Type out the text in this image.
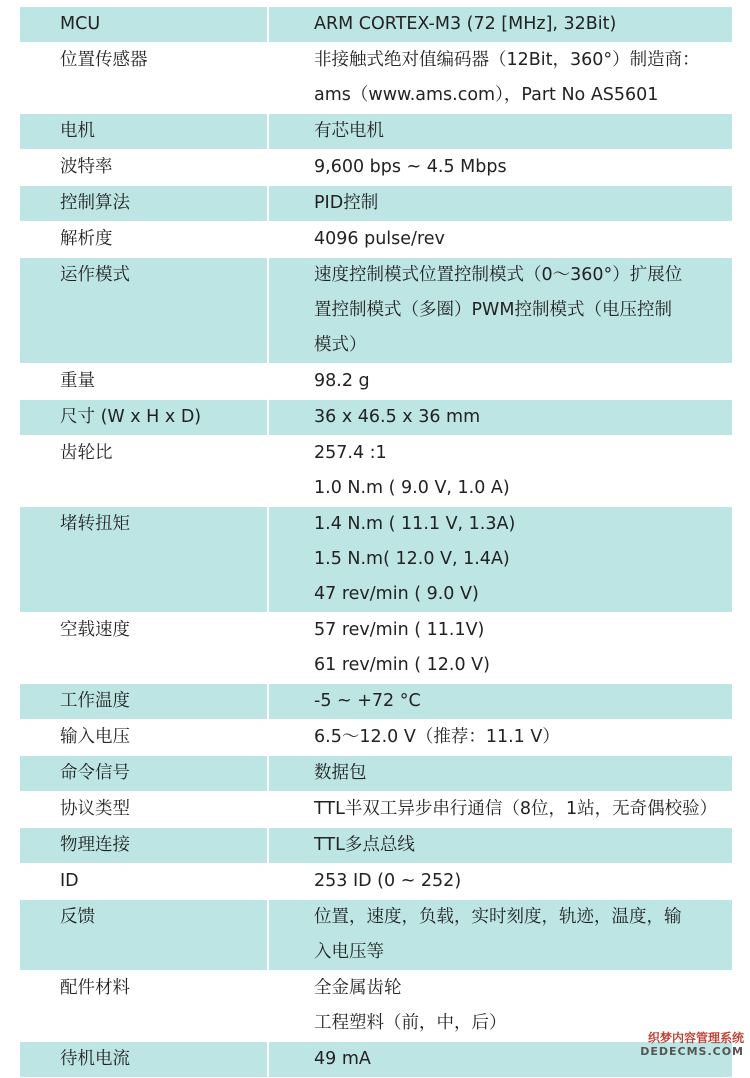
MCU	ARM CORTEX-M3 (72 [MHz], 32Bit)
位置传感器	非接触式绝对值编码器（12Bit，360°）制造商：
ams（www.ams.com），Part No AS5601
电机	有芯电机
波特率	9,600 bps ~ 4.5 Mbps
控制算法	PID控制
解析度	4096 pulse/rev
运作模式	速度控制模式位置控制模式（0～360°）扩展位
置控制模式（多圈）PWM控制模式（电压控制
模式）
重量	98.2 g
尺寸 (W x H x D)	36 x 46.5 x 36 mm
齿轮比	257.4 :1
1.0 N.m ( 9.0 V, 1.0 A)
堵转扭矩	1.4 N.m ( 11.1 V, 1.3A)
1.5 N.m( 12.0 V, 1.4A)
47 rev/min ( 9.0 V)
空载速度	57 rev/min ( 11.1V)
61 rev/min ( 12.0 V)
工作温度	-5 ~ +72 °C
输入电压	6.5～12.0 V（推荐：11.1 V）
命令信号	数据包
协议类型	TTL半双工异步串行通信（8位，1站，无奇偶校验）
物理连接	TTL多点总线
ID	253 ID (0 ~ 252)
反馈	位置，速度，负载，实时刻度，轨迹，温度，输
入电压等
配件材料	全金属齿轮
工程塑料（前，中，后）
待机电流	49 mA
织梦内容管理系统
DEDECMS.COM
